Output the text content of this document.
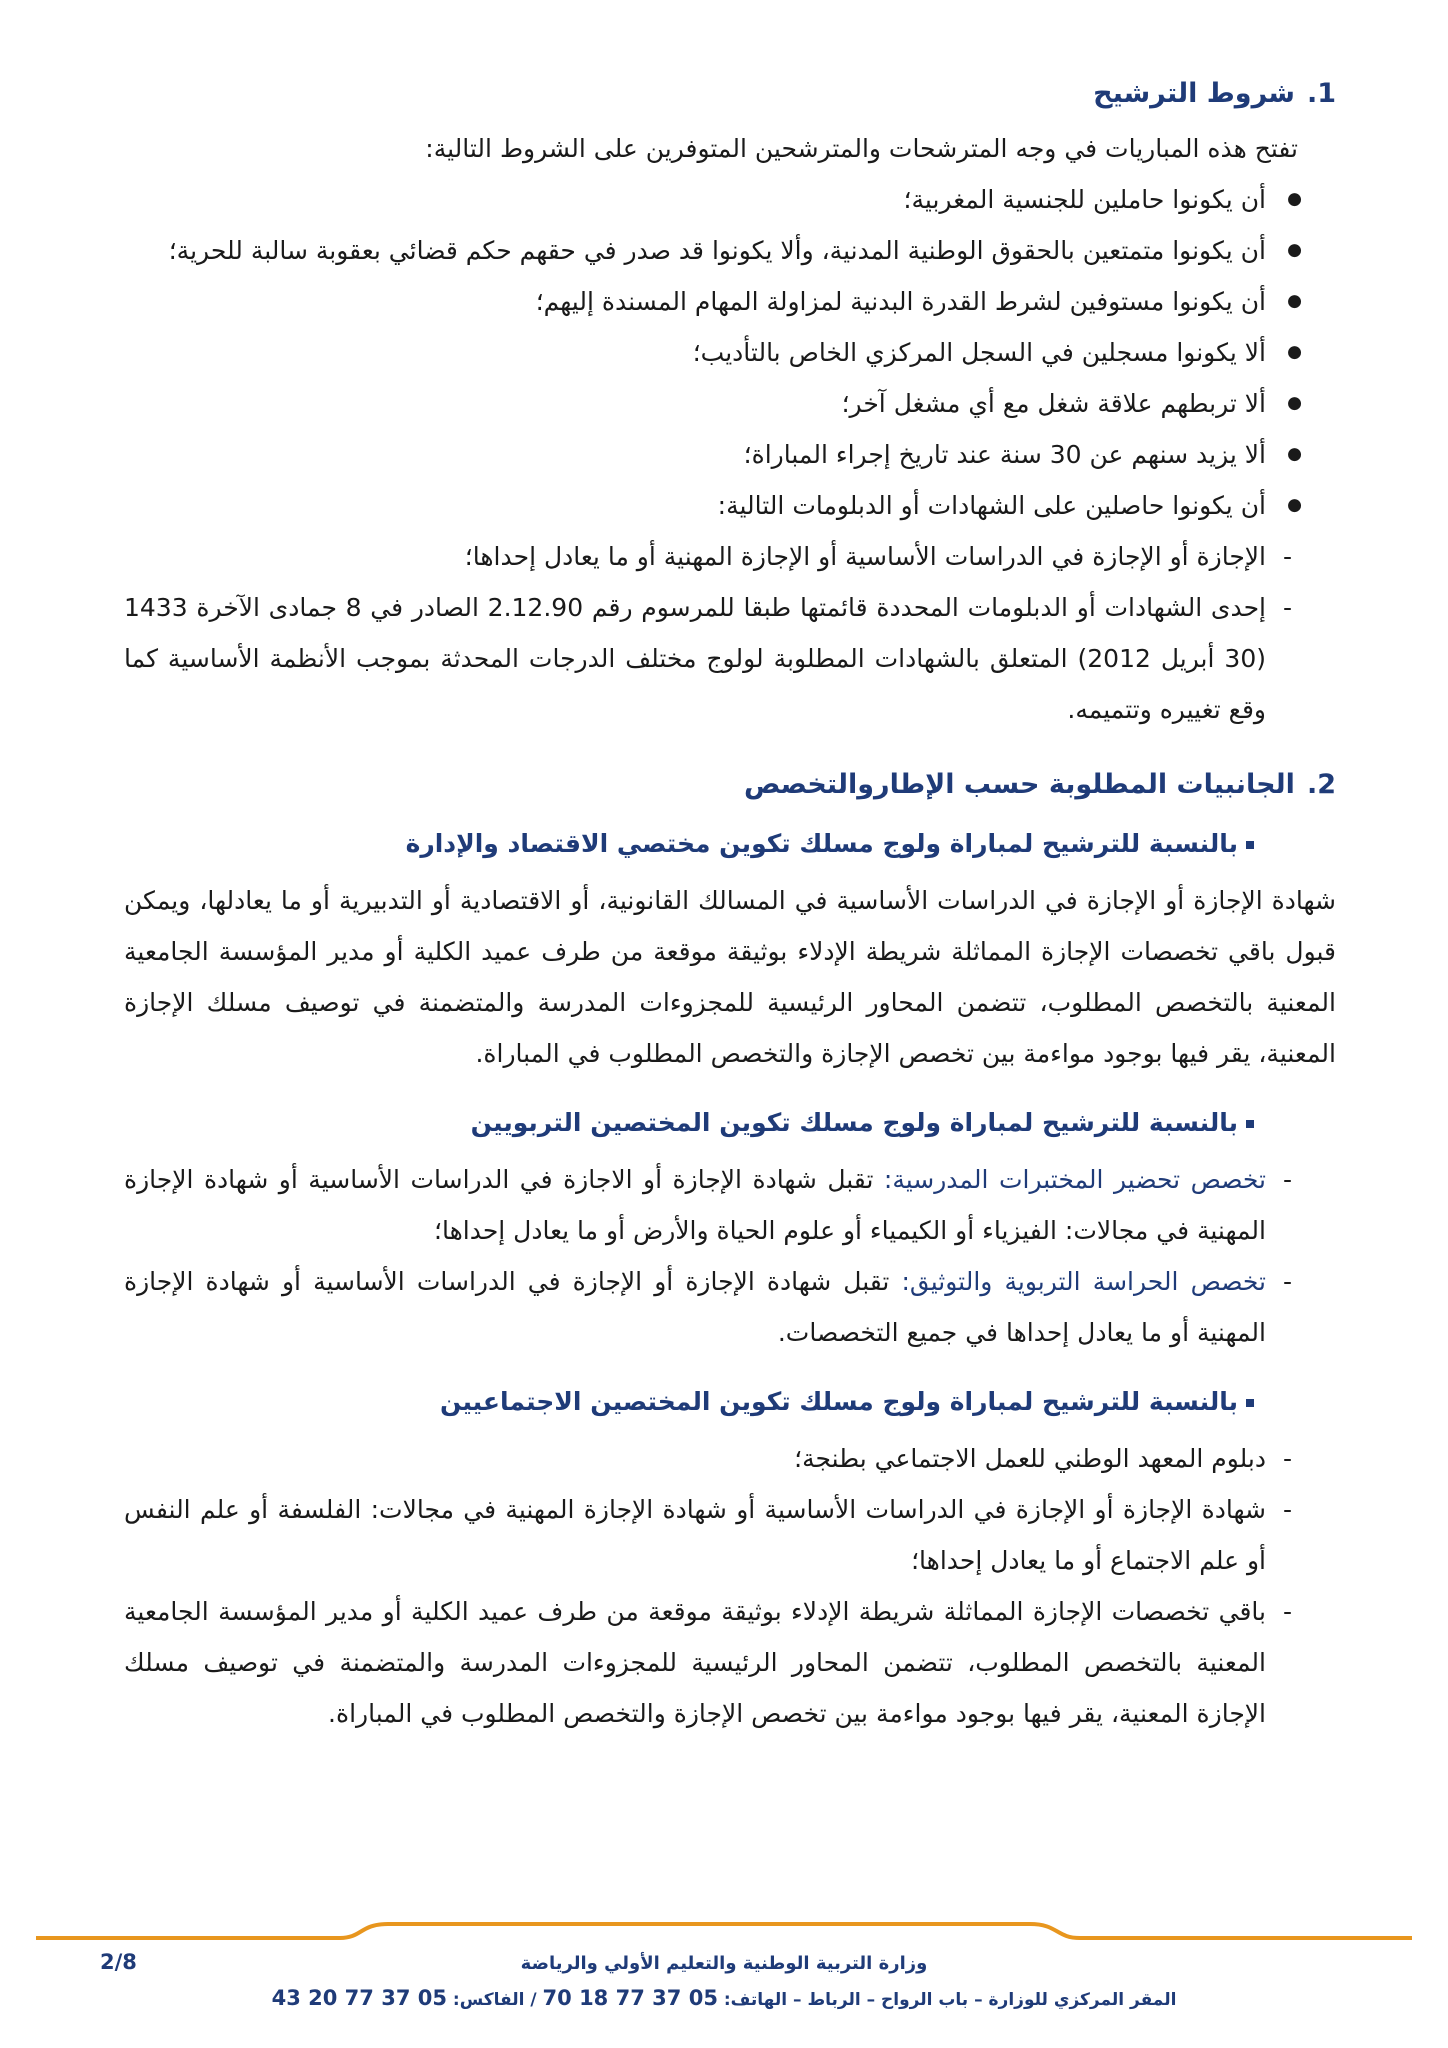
1.
شروط الترشيح

تفتح هذه المباريات في وجه المترشحات والمترشحين المتوفرين على الشروط التالية:

● أن يكونوا حاملين للجنسية المغربية؛
● أن يكونوا متمتعين بالحقوق الوطنية المدنية، وألا يكونوا قد صدر في حقهم حكم قضائي بعقوبة سالبة للحرية؛
● أن يكونوا مستوفين لشرط القدرة البدنية لمزاولة المهام المسندة إليهم؛
● ألا يكونوا مسجلين في السجل المركزي الخاص بالتأديب؛
● ألا تربطهم علاقة شغل مع أي مشغل آخر؛
● ألا يزيد سنهم عن 30 سنة عند تاريخ إجراء المباراة؛
● أن يكونوا حاصلين على الشهادات أو الدبلومات التالية:
- الإجازة أو الإجازة في الدراسات الأساسية أو الإجازة المهنية أو ما يعادل إحداها؛
- إحدى الشهادات أو الدبلومات المحددة قائمتها طبقا للمرسوم رقم 2.12.90 الصادر في 8 جمادى الآخرة 1433 (30 أبريل 2012) المتعلق بالشهادات المطلوبة لولوج مختلف الدرجات المحدثة بموجب الأنظمة الأساسية كما وقع تغييره وتتميمه.
2.
الجانبيات المطلوبة حسب الإطاروالتخصص
بالنسبة للترشيح لمباراة ولوج مسلك تكوين مختصي الاقتصاد والإدارة

شهادة الإجازة أو الإجازة في الدراسات الأساسية في المسالك القانونية، أو الاقتصادية أو التدبيرية أو ما يعادلها، ويمكن قبول باقي تخصصات الإجازة المماثلة شريطة الإدلاء بوثيقة موقعة من طرف عميد الكلية أو مدير المؤسسة الجامعية المعنية بالتخصص المطلوب، تتضمن المحاور الرئيسية للمجزوءات المدرسة والمتضمنة في توصيف مسلك الإجازة المعنية، يقر فيها بوجود مواءمة بين تخصص الإجازة والتخصص المطلوب في المباراة.

بالنسبة للترشيح لمباراة ولوج مسلك تكوين المختصين التربويين
- تخصص تحضير المختبرات المدرسية: تقبل شهادة الإجازة أو الاجازة في الدراسات الأساسية أو شهادة الإجازة المهنية في مجالات: الفيزياء أو الكيمياء أو علوم الحياة والأرض أو ما يعادل إحداها؛
- تخصص الحراسة التربوية والتوثيق: تقبل شهادة الإجازة أو الإجازة في الدراسات الأساسية أو شهادة الإجازة المهنية أو ما يعادل إحداها في جميع التخصصات.
بالنسبة للترشيح لمباراة ولوج مسلك تكوين المختصين الاجتماعيين
- دبلوم المعهد الوطني للعمل الاجتماعي بطنجة؛
- شهادة الإجازة أو الإجازة في الدراسات الأساسية أو شهادة الإجازة المهنية في مجالات: الفلسفة أو علم النفس أو علم الاجتماع أو ما يعادل إحداها؛
- باقي تخصصات الإجازة المماثلة شريطة الإدلاء بوثيقة موقعة من طرف عميد الكلية أو مدير المؤسسة الجامعية المعنية بالتخصص المطلوب، تتضمن المحاور الرئيسية للمجزوءات المدرسة والمتضمنة في توصيف مسلك الإجازة المعنية، يقر فيها بوجود مواءمة بين تخصص الإجازة والتخصص المطلوب في المباراة.
وزارة التربية الوطنية والتعليم الأولي والرياضة
المقر المركزي للوزارة – باب الرواح – الرباط – الهاتف: 05 37 77 18 70 / الفاكس: 05 37 77 20 43
2/8
